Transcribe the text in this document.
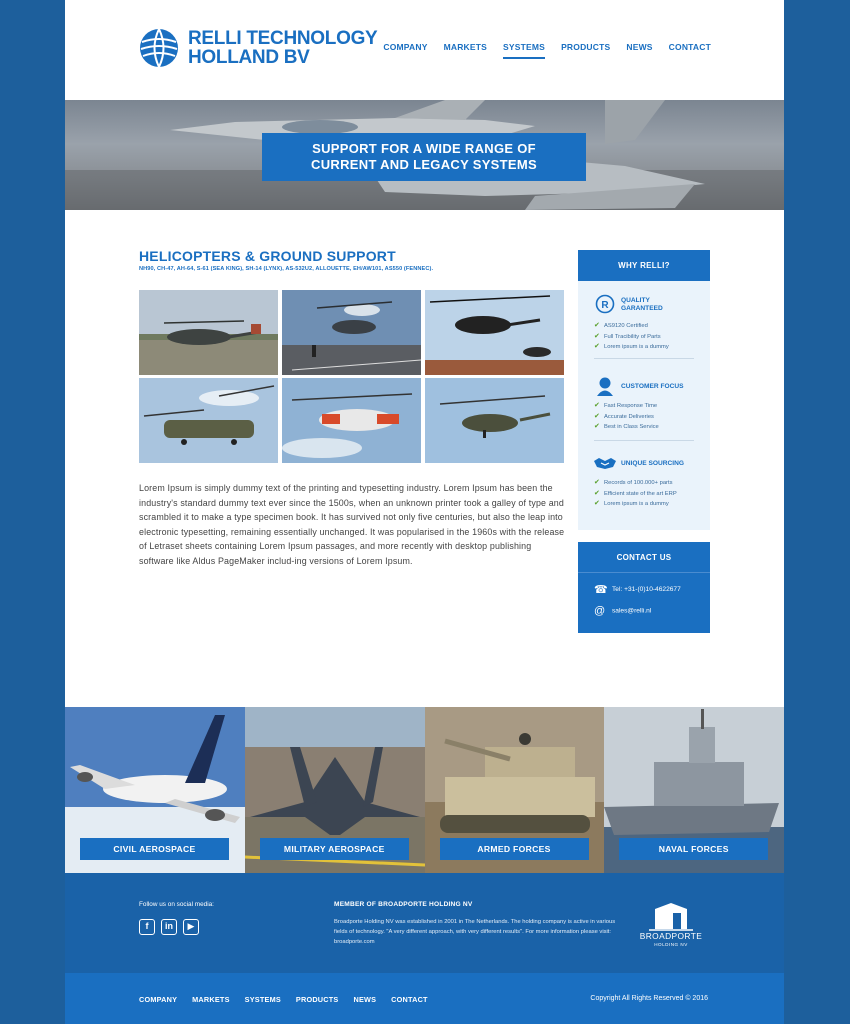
RELLI TECHNOLOGY
HOLLAND BV	COMPANY MARKETS SYSTEMS PRODUCTS NEWS CONTACT
SUPPORT FOR A WIDE RANGE OF
CURRENT AND LEGACY SYSTEMS
HELICOPTERS & GROUND SUPPORT
NH90, CH-47, AH-64, S-61 (SEA KING), SH-14 (LYNX), AS-532U2, ALLOUETTE, EH/AW101, AS550 (FENNEC).

Lorem Ipsum is simply dummy text of the printing and typesetting industry. Lorem Ipsum has been the industry's standard dummy text ever since the 1500s, when an unknown printer took a galley of type and scrambled it to make a type specimen book. It has survived not only five centuries, but also the leap into electronic typesetting, remaining essentially unchanged. It was popularised in the 1960s with the release of Letraset sheets containing Lorem Ipsum passages, and more recently with desktop publishing software like Aldus PageMaker includ-ing versions of Lorem Ipsum.

WHY RELLI?
R QUALITY
GARANTEED
✔ AS9120 Certified
✔ Full Tracibility of Parts
✔ Lorem ipsum is a dummy
CUSTOMER FOCUS
✔ Fast Response Time
✔ Accurate Deliveries
✔ Best in Class Service
UNIQUE SOURCING
✔ Records of 100.000+ parts
✔ Efficient state of the art ERP
✔ Lorem ipsum is a dummy
CONTACT US
☎ Tel: +31-(0)10-4622677
@ sales@relli.nl
CIVIL AEROSPACE	MILITARY AEROSPACE	ARMED FORCES	NAVAL FORCES
Follow us on social media:
f	in	▶
MEMBER OF BROADPORTE HOLDING NV
Broadporte Holding NV was established in 2001 in The Netherlands. The holding company is active in various fields of technology. "A very different approach, with very different results". For more information please visit: broadporte.com
BROADPORTE
HOLDING NV
COMPANY MARKETS SYSTEMS PRODUCTS NEWS CONTACT	Copyright All Rights Reserved © 2016
